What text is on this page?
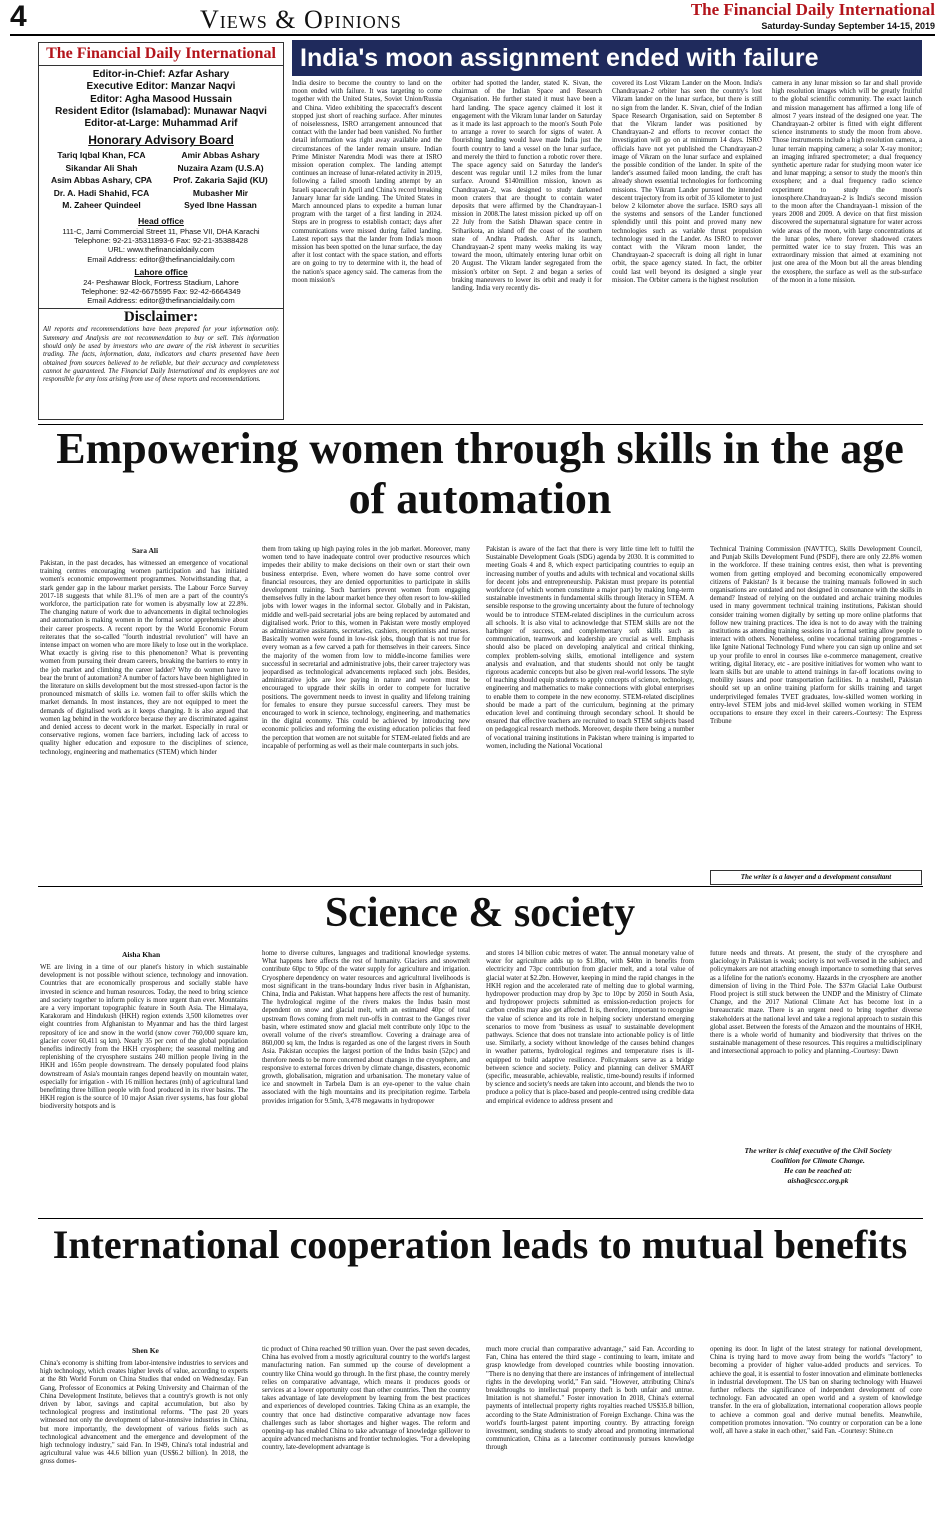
4	Views & Opinions	The Financial Daily International
Saturday-Sunday September 14-15, 2019
The Financial Daily International
Editor-in-Chief: Azfar Ashary
Executive Editor: Manzar Naqvi
Editor: Agha Masood Hussain
Resident Editor (Islamabad): Munawar Naqvi
Editor-at-Large: Muhammad Arif
Honorary Advisory Board
Tariq Iqbal Khan, FCA	Amir Abbas Ashary
Sikandar Ali Shah	Nuzaira Azam (U.S.A)
Asim Abbas Ashary, CPA	Prof. Zakaria Sajid (KU)
Dr. A. Hadi Shahid, FCA	Mubasher Mir
M. Zaheer Quindeel	Syed Ibne Hassan
Head office
111-C, Jami Commercial Street 11, Phase VII, DHA Karachi
Telephone: 92-21-35311893-6 Fax: 92-21-35388428
URL: www.thefinancialdaily.com
Email Address: editor@thefinancialdaily.com
Lahore office
24- Peshawar Block, Fortress Stadium, Lahore
Telephone: 92-42-6675595 Fax: 92-42-6664349
Email Address: editor@thefinancialdaily.com
Disclaimer:
All reports and recommendations have been prepared for your information only. Summary and Analysis are not recommendation to buy or sell. This information should only be used by investors who are aware of the risk inherent in securities trading. The facts, information, data, indicators and charts presented have been obtained from sources believed to be reliable, but their accuracy and completeness cannot be guaranteed. The Financial Daily International and its employees are not responsible for any loss arising from use of these reports and recommendations.
India's moon assignment ended with failure
India desire to become the country to land on the moon ended with failure. It was targeting to come together with the United States, Soviet Union/Russia and China. Video exhibiting the spacecraft's descent stopped just short of reaching surface. After minutes of noiselessness, ISRO arrangement announced that contact with the lander had been vanished. No further detail information was right away available and the circumstances of the lander remain unsure. Indian Prime Minister Narendra Modi was there at ISRO mission operation complex. The landing attempt continues an increase of lunar-related activity in 2019, following a failed smooth landing attempt by an Israeli spacecraft in April and China's record breaking January lunar far side landing. The United States in March announced plans to expedite a human lunar program with the target of a first landing in 2024. Steps are in progress to establish contact; days after communications were missed during failed landing. Latest report says that the lander from India's moon mission has been spotted on the lunar surface, the day after it lost contact with the space station, and efforts are on going to try to determine with it, the head of the nation's space agency said. The cameras from the moon mission's
orbiter had spotted the lander, stated K. Sivan, the chairman of the Indian Space and Research Organisation. He further stated it must have been a hard landing. The space agency claimed it lost it engagement with the Vikram lunar lander on Saturday as it made its last approach to the moon's South Pole to arrange a rover to search for signs of water. A flourishing landing would have made India just the fourth country to land a vessel on the lunar surface, and merely the third to function a robotic rover there. The space agency said on Saturday the lander's descent was regular until 1.2 miles from the lunar surface. Around $140million mission, known as Chandrayaan-2, was designed to study darkened moon craters that are thought to contain water deposits that were affirmed by the Chandrayaan-1 mission in 2008.The latest mission picked up off on 22 July from the Satish Dhawan space centre in Sriharikota, an island off the coast of the southern state of Andhra Pradesh. After its launch, Chandrayaan-2 spent many weeks making its way toward the moon, ultimately entering lunar orbit on 20 August. The Vikram lander segregated from the mission's orbiter on Sept. 2 and began a series of braking maneuvers to lower its orbit and ready it for landing. India very recently dis-
covered its Lost Vikram Lander on the Moon. India's Chandrayaan-2 orbiter has seen the country's lost Vikram lander on the lunar surface, but there is still no sign from the lander. K. Sivan, chief of the Indian Space Research Organisation, said on September 8 that the Vikram lander was positioned by Chandrayaan-2 and efforts to recover contact the investigation will go on at minimum 14 days. ISRO officials have not yet published the Chandrayaan-2 image of Vikram on the lunar surface and explained the possible condition of the lander. In spite of the lander's assumed failed moon landing, the craft has already shown essential technologies for forthcoming missions. The Vikram Lander pursued the intended descent trajectory from its orbit of 35 kilometer to just below 2 kilometer above the surface. ISRO says all the systems and sensors of the Lander functioned splendidly until this point and proved many new technologies such as variable thrust propulsion technology used in the Lander. As ISRO to recover contact with the Vikram moon lander, the Chandrayaan-2 spacecraft is doing all right in lunar orbit, the space agency stated. In fact, the orbiter could last well beyond its designed a single year mission. The Orbiter camera is the highest resolution
camera in any lunar mission so far and shall provide high resolution images which will be greatly fruitful to the global scientific community. The exact launch and mission management has affirmed a long life of almost 7 years instead of the designed one year. The Chandrayaan-2 orbiter is fitted with eight different science instruments to study the moon from above. Those instruments include a high resolution camera, a lunar terrain mapping camera; a solar X-ray monitor; an imaging infrared spectrometer; a dual frequency synthetic aperture radar for studying moon water ice and lunar mapping; a sensor to study the moon's thin exosphere; and a dual frequency radio science experiment to study the moon's ionosphere.Chandrayaan-2 is India's second mission to the moon after the Chandrayaan-1 mission of the years 2008 and 2009. A device on that first mission discovered the supernatural signature for water across wide areas of the moon, with large concentrations at the lunar poles, where forever shadowed craters permitted water ice to stay frozen. This was an extraordinary mission that aimed at examining not just one area of the Moon but all the areas blending the exosphere, the surface as well as the sub-surface of the moon in a lone mission.
Empowering women through skills in the age of automation
Sara Ali
Pakistan, in the past decades, has witnessed an emergence of vocational training centres encouraging women participation and has initiated women's economic empowerment programmes. Notwithstanding that, a stark gender gap in the labour market persists. The Labour Force Survey 2017-18 suggests that while 81.1% of men are a part of the country's workforce, the participation rate for women is abysmally low at 22.8%. The changing nature of work due to advancements in digital technologies and automation is making women in the formal sector apprehensive about their career prospects. A recent report by the World Economic Forum reiterates that the so-called "fourth industrial revolution" will have an intense impact on women who are more likely to lose out in the workplace. What exactly is giving rise to this phenomenon? What is preventing women from pursuing their dream careers, breaking the barriers to entry in the job market and climbing the career ladder? Why do women have to bear the brunt of automation? A number of factors have been highlighted in the literature on skills development but the most stressed-upon factor is the pronounced mismatch of skills i.e. women fail to offer skills which the market demands. In most instances, they are not equipped to meet the demands of digitalised work as it keeps changing. It is also argued that women lag behind in the workforce because they are discriminated against and denied access to decent work in the market. Especially in rural or conservative regions, women face barriers, including lack of access to quality higher education and exposure to the disciplines of science, technology, engineering and mathematics (STEM) which hinder
them from taking up high paying roles in the job market. Moreover, many women tend to have inadequate control over productive resources which impedes their ability to make decisions on their own or start their own business enterprise. Even, where women do have some control over financial resources, they are denied opportunities to participate in skills development training. Such barriers prevent women from engaging themselves fully in the labour market hence they often resort to low-skilled jobs with lower wages in the informal sector. Globally and in Pakistan, middle and well-paid secretarial jobs are being replaced by automated and digitalised work. Prior to this, women in Pakistan were mostly employed as administrative assistants, secretaries, cashiers, receptionists and nurses. Basically women were found in low-risk jobs, though that is not true for every woman as a few carved a path for themselves in their careers. Since the majority of the women from low to middle-income families were successful in secretarial and administrative jobs, their career trajectory was jeopardised as technological advancements replaced such jobs. Besides, administrative jobs are low paying in nature and women must be encouraged to upgrade their skills in order to compete for lucrative positions. The government needs to invest in quality and lifelong training for females to ensure they pursue successful careers. They must be encouraged to work in science, technology, engineering, and mathematics in the digital economy. This could be achieved by introducing new economic policies and reforming the existing education policies that feed the perception that women are not suitable for STEM-related fields and are incapable of performing as well as their male counterparts in such jobs.
Pakistan is aware of the fact that there is very little time left to fulfil the Sustainable Development Goals (SDG) agenda by 2030. It is committed to meeting Goals 4 and 8, which expect participating countries to equip an increasing number of youths and adults with technical and vocational skills for decent jobs and entrepreneurship. Pakistan must prepare its potential workforce (of which women constitute a major part) by making long-term sustainable investments in fundamental skills through literacy in STEM. A sensible response to the growing uncertainty about the future of technology would be to introduce STEM-related disciplines in the curriculum across all schools. It is also vital to acknowledge that STEM skills are not the harbinger of success, and complementary soft skills such as communication, teamwork and leadership are crucial as well. Emphasis should also be placed on developing analytical and critical thinking, complex problem-solving skills, emotional intelligence and system analysis and evaluation, and that students should not only be taught rigorous academic concepts but also be given real-world lessons. The style of teaching should equip students to apply concepts of science, technology, engineering and mathematics to make connections with global enterprises to enable them to compete in the new economy. STEM-related disciplines should be made a part of the curriculum, beginning at the primary education level and continuing through secondary school. It should be ensured that effective teachers are recruited to teach STEM subjects based on pedagogical research methods. Moreover, despite there being a number of vocational training institutions in Pakistan where training is imparted to women, including the National Vocational
Technical Training Commission (NAVTTC), Skills Development Council, and Punjab Skills Development Fund (PSDF), there are only 22.8% women in the workforce. If these training centres exist, then what is preventing women from getting employed and becoming economically empowered citizens of Pakistan? Is it because the training manuals followed in such organisations are outdated and not designed in consonance with the skills in demand? Instead of relying on the outdated and archaic training modules used in many government technical training institutions, Pakistan should consider training women digitally by setting up more online platforms that follow new training practices. The idea is not to do away with the training institutions as attending training sessions in a formal setting allow people to interact with others. Nonetheless, online vocational training programmes - like Ignite National Technology Fund where you can sign up online and set up your profile to enrol in courses like e-commerce management, creative writing, digital literacy, etc - are positive initiatives for women who want to learn skills but are unable to attend trainings in far-off locations owing to mobility issues and poor transportation facilities. In a nutshell, Pakistan should set up an online training platform for skills training and target underprivileged females TVET graduates, low-skilled women working in entry-level STEM jobs and mid-level skilled women working in STEM occupations to ensure they excel in their careers.-Courtesy: The Express Tribune
The writer is a lawyer and a development consultant
Science & society
Aisha Khan
WE are living in a time of our planet's history in which sustainable development is not possible without science, technology and innovation. Countries that are economically prosperous and socially stable have invested in science and human resources. Today, the need to bring science and society together to inform policy is more urgent than ever. Mountains are a very important topographic feature in South Asia. The Himalaya, Karakoram and Hindukush (HKH) region extends 3,500 kilometres over eight countries from Afghanistan to Myanmar and has the third largest repository of ice and snow in the world (snow cover 760,000 square km, glacier cover 60,411 sq km). Nearly 35 per cent of the global population benefits indirectly from the HKH cryosphere; the seasonal melting and replenishing of the cryosphere sustains 240 million people living in the HKH and 165m people downstream. The densely populated food plains downstream of Asia's mountain ranges depend heavily on mountain water, especially for irrigation - with 16 million hectares (mh) of agricultural land benefitting three billion people with food produced in its river basins. The HKH region is the source of 10 major Asian river systems, has four global biodiversity hotspots and is
home to diverse cultures, languages and traditional knowledge systems. What happens here affects the rest of humanity. Glaciers and snowmelt contribute 60pc to 90pc of the water supply for agriculture and irrigation. Cryosphere dependency on water resources and agricultural livelihoods is most significant in the trans-boundary Indus river basin in Afghanistan, China, India and Pakistan. What happens here affects the rest of humanity. The hydrological regime of the rivers makes the Indus basin most dependent on snow and glacial melt, with an estimated 40pc of total upstream flows coming from melt run-offs in contrast to the Ganges river basin, where estimated snow and glacial melt contribute only 10pc to the overall volume of the river's streamflow. Covering a drainage area of 860,000 sq km, the Indus is regarded as one of the largest rivers in South Asia. Pakistan occupies the largest portion of the Indus basin (52pc) and therefore needs to be more concerned about changes in the cryosphere, and responsive to external forces driven by climate change, disasters, economic growth, globalisation, migration and urbanisation. The monetary value of ice and snowmelt in Tarbela Dam is an eye-opener to the value chain associated with the high mountains and its precipitation regime. Tarbela provides irrigation for 9.5mh, 3,478 megawatts in hydropower
and stores 14 billion cubic metres of water. The annual monetary value of water for agriculture adds up to $1.8bn, with $40m in benefits from electricity and 73pc contribution from glacier melt, and a total value of glacial water at $2.2bn. However, keeping in mind the rapid changes in the HKH region and the accelerated rate of melting due to global warming, hydropower production may drop by 3pc to 10pc by 2050 in South Asia, and hydropower projects submitted as emission-reduction projects for carbon credits may also get affected. It is, therefore, important to recognise the value of science and its role in helping society understand emerging scenarios to move from 'business as usual' to sustainable development pathways. Science that does not translate into actionable policy is of little use. Similarly, a society without knowledge of the causes behind changes in weather patterns, hydrological regimes and temperature rises is ill-equipped to build adaptive resilience. Policymakers serve as a bridge between science and society. Policy and planning can deliver SMART (specific, measurable, achievable, realistic, time-bound) results if informed by science and society's needs are taken into account, and blends the two to produce a policy that is place-based and people-centred using credible data and empirical evidence to address present and
future needs and threats. At present, the study of the cryosphere and glaciology in Pakistan is weak; society is not well-versed in the subject, and policymakers are not attaching enough importance to something that serves as a lifeline for the nation's economy. Hazards in the cryosphere are another dimension of living in the Third Pole. The $37m Glacial Lake Outburst Flood project is still stuck between the UNDP and the Ministry of Climate Change, and the 2017 National Climate Act has become lost in a bureaucratic maze. There is an urgent need to bring together diverse stakeholders at the national level and take a regional approach to sustain this global asset. Between the forests of the Amazon and the mountains of HKH, there is a whole world of humanity and biodiversity that thrives on the sustainable management of these resources. This requires a multidisciplinary and intersectional approach to policy and planning.-Courtesy: Dawn
The writer is chief executive of the Civil Society
Coalition for Climate Change.
He can be reached at:
aisha@csccc.org.pk
International cooperation leads to mutual benefits
Shen Ke
China's economy is shifting from labor-intensive industries to services and high technology, which creates higher levels of value, according to experts at the 8th World Forum on China Studies that ended on Wednesday. Fan Gang, Professor of Economics at Peking University and Chairman of the China Development Institute, believes that a country's growth is not only driven by labor, savings and capital accumulation, but also by technological progress and institutional reforms. "The past 20 years witnessed not only the development of labor-intensive industries in China, but more importantly, the development of various fields such as technological advancement and the emergence and development of the high technology industry," said Fan. In 1949, China's total industrial and agricultural value was 44.6 billion yuan (US$6.2 billion). In 2018, the gross domes-
tic product of China reached 90 trillion yuan. Over the past seven decades, China has evolved from a mostly agricultural country to the world's largest manufacturing nation. Fan summed up the course of development a country like China would go through. In the first phase, the country merely relies on comparative advantage, which means it produces goods or services at a lower opportunity cost than other countries. Then the country takes advantage of late development by learning from the best practices and experiences of developed countries. Taking China as an example, the country that once had distinctive comparative advantage now faces challenges such as labor shortages and higher wages. The reform and opening-up has enabled China to take advantage of knowledge spillover to acquire advanced mechanisms and frontier technologies. "For a developing country, late-development advantage is
much more crucial than comparative advantage," said Fan. According to Fan, China has entered the third stage - continuing to learn, imitate and grasp knowledge from developed countries while boosting innovation. "There is no denying that there are instances of infringement of intellectual rights in the developing world," Fan said. "However, attributing China's breakthroughs to intellectual property theft is both unfair and untrue. Imitation is not shameful." Foster innovation In 2018, China's external payments of intellectual property rights royalties reached US$35.8 billion, according to the State Administration of Foreign Exchange. China was the world's fourth-largest patent importing country. By attracting foreign investment, sending students to study abroad and promoting international communication, China as a latecomer continuously pursues knowledge through
opening its door. In light of the latest strategy for national development, China is trying hard to move away from being the world's "factory" to becoming a provider of higher value-added products and services. To achieve the goal, it is essential to foster innovation and eliminate bottlenecks in industrial development. The US ban on sharing technology with Huawei further reflects the significance of independent development of core technology. Fan advocated an open world and a system of knowledge transfer. In the era of globalization, international cooperation allows people to achieve a common goal and derive mutual benefits. Meanwhile, competition promotes innovation. "No country or corporation can be a lone wolf, all have a stake in each other," said Fan. -Courtesy: Shine.cn
